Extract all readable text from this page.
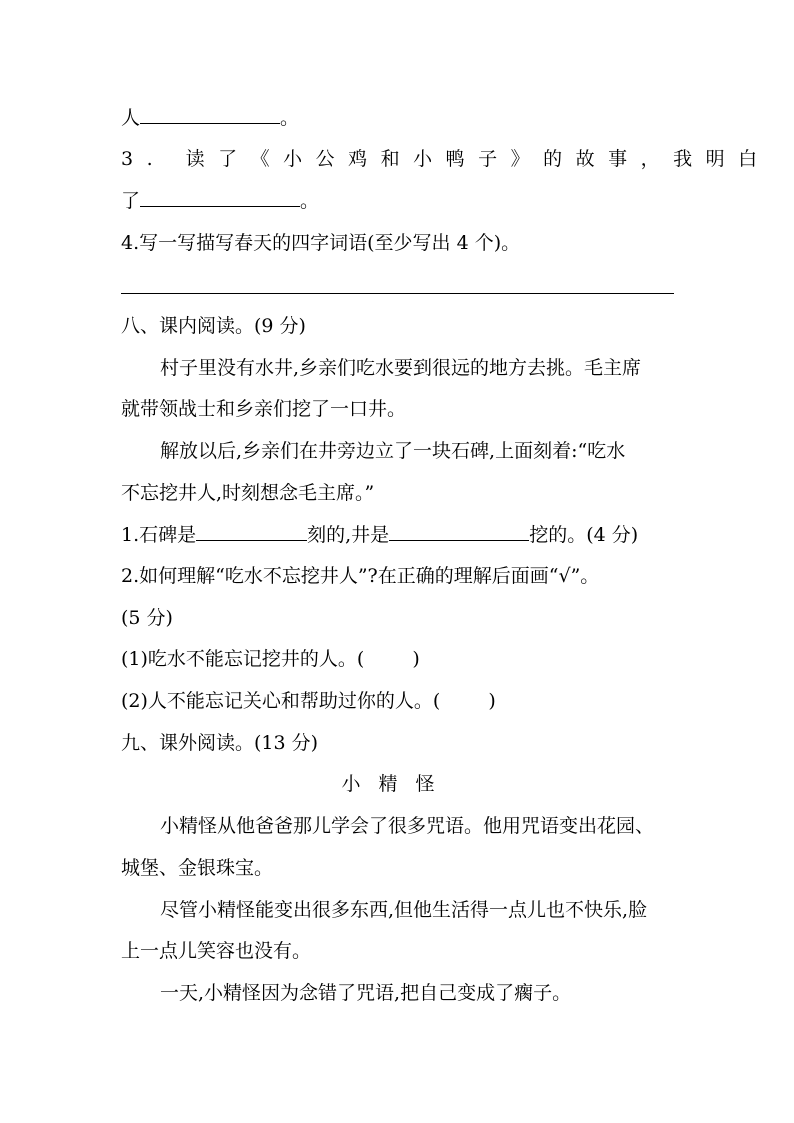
人	。
3. 读了《小公鸡和小鸭子》的故事，我明白
了	。
4.写一写描写春天的四字词语(至少写出 4 个)。
八、课内阅读。(9 分)
村子里没有水井,乡亲们吃水要到很远的地方去挑。毛主席
就带领战士和乡亲们挖了一口井。
解放以后,乡亲们在井旁边立了一块石碑,上面刻着:“吃水
不忘挖井人,时刻想念毛主席。”
1.石碑是	刻的,井是	挖的。(4 分)
2.如何理解“吃水不忘挖井人”?在正确的理解后面画“√”。
(5 分)
(1)吃水不能忘记挖井的人。(	)
(2)人不能忘记关心和帮助过你的人。(	)
九、课外阅读。(13 分)
小精怪
小精怪从他爸爸那儿学会了很多咒语。他用咒语变出花园、
城堡、金银珠宝。
尽管小精怪能变出很多东西,但他生活得一点儿也不快乐,脸
上一点儿笑容也没有。
一天,小精怪因为念错了咒语,把自己变成了瘸子。
